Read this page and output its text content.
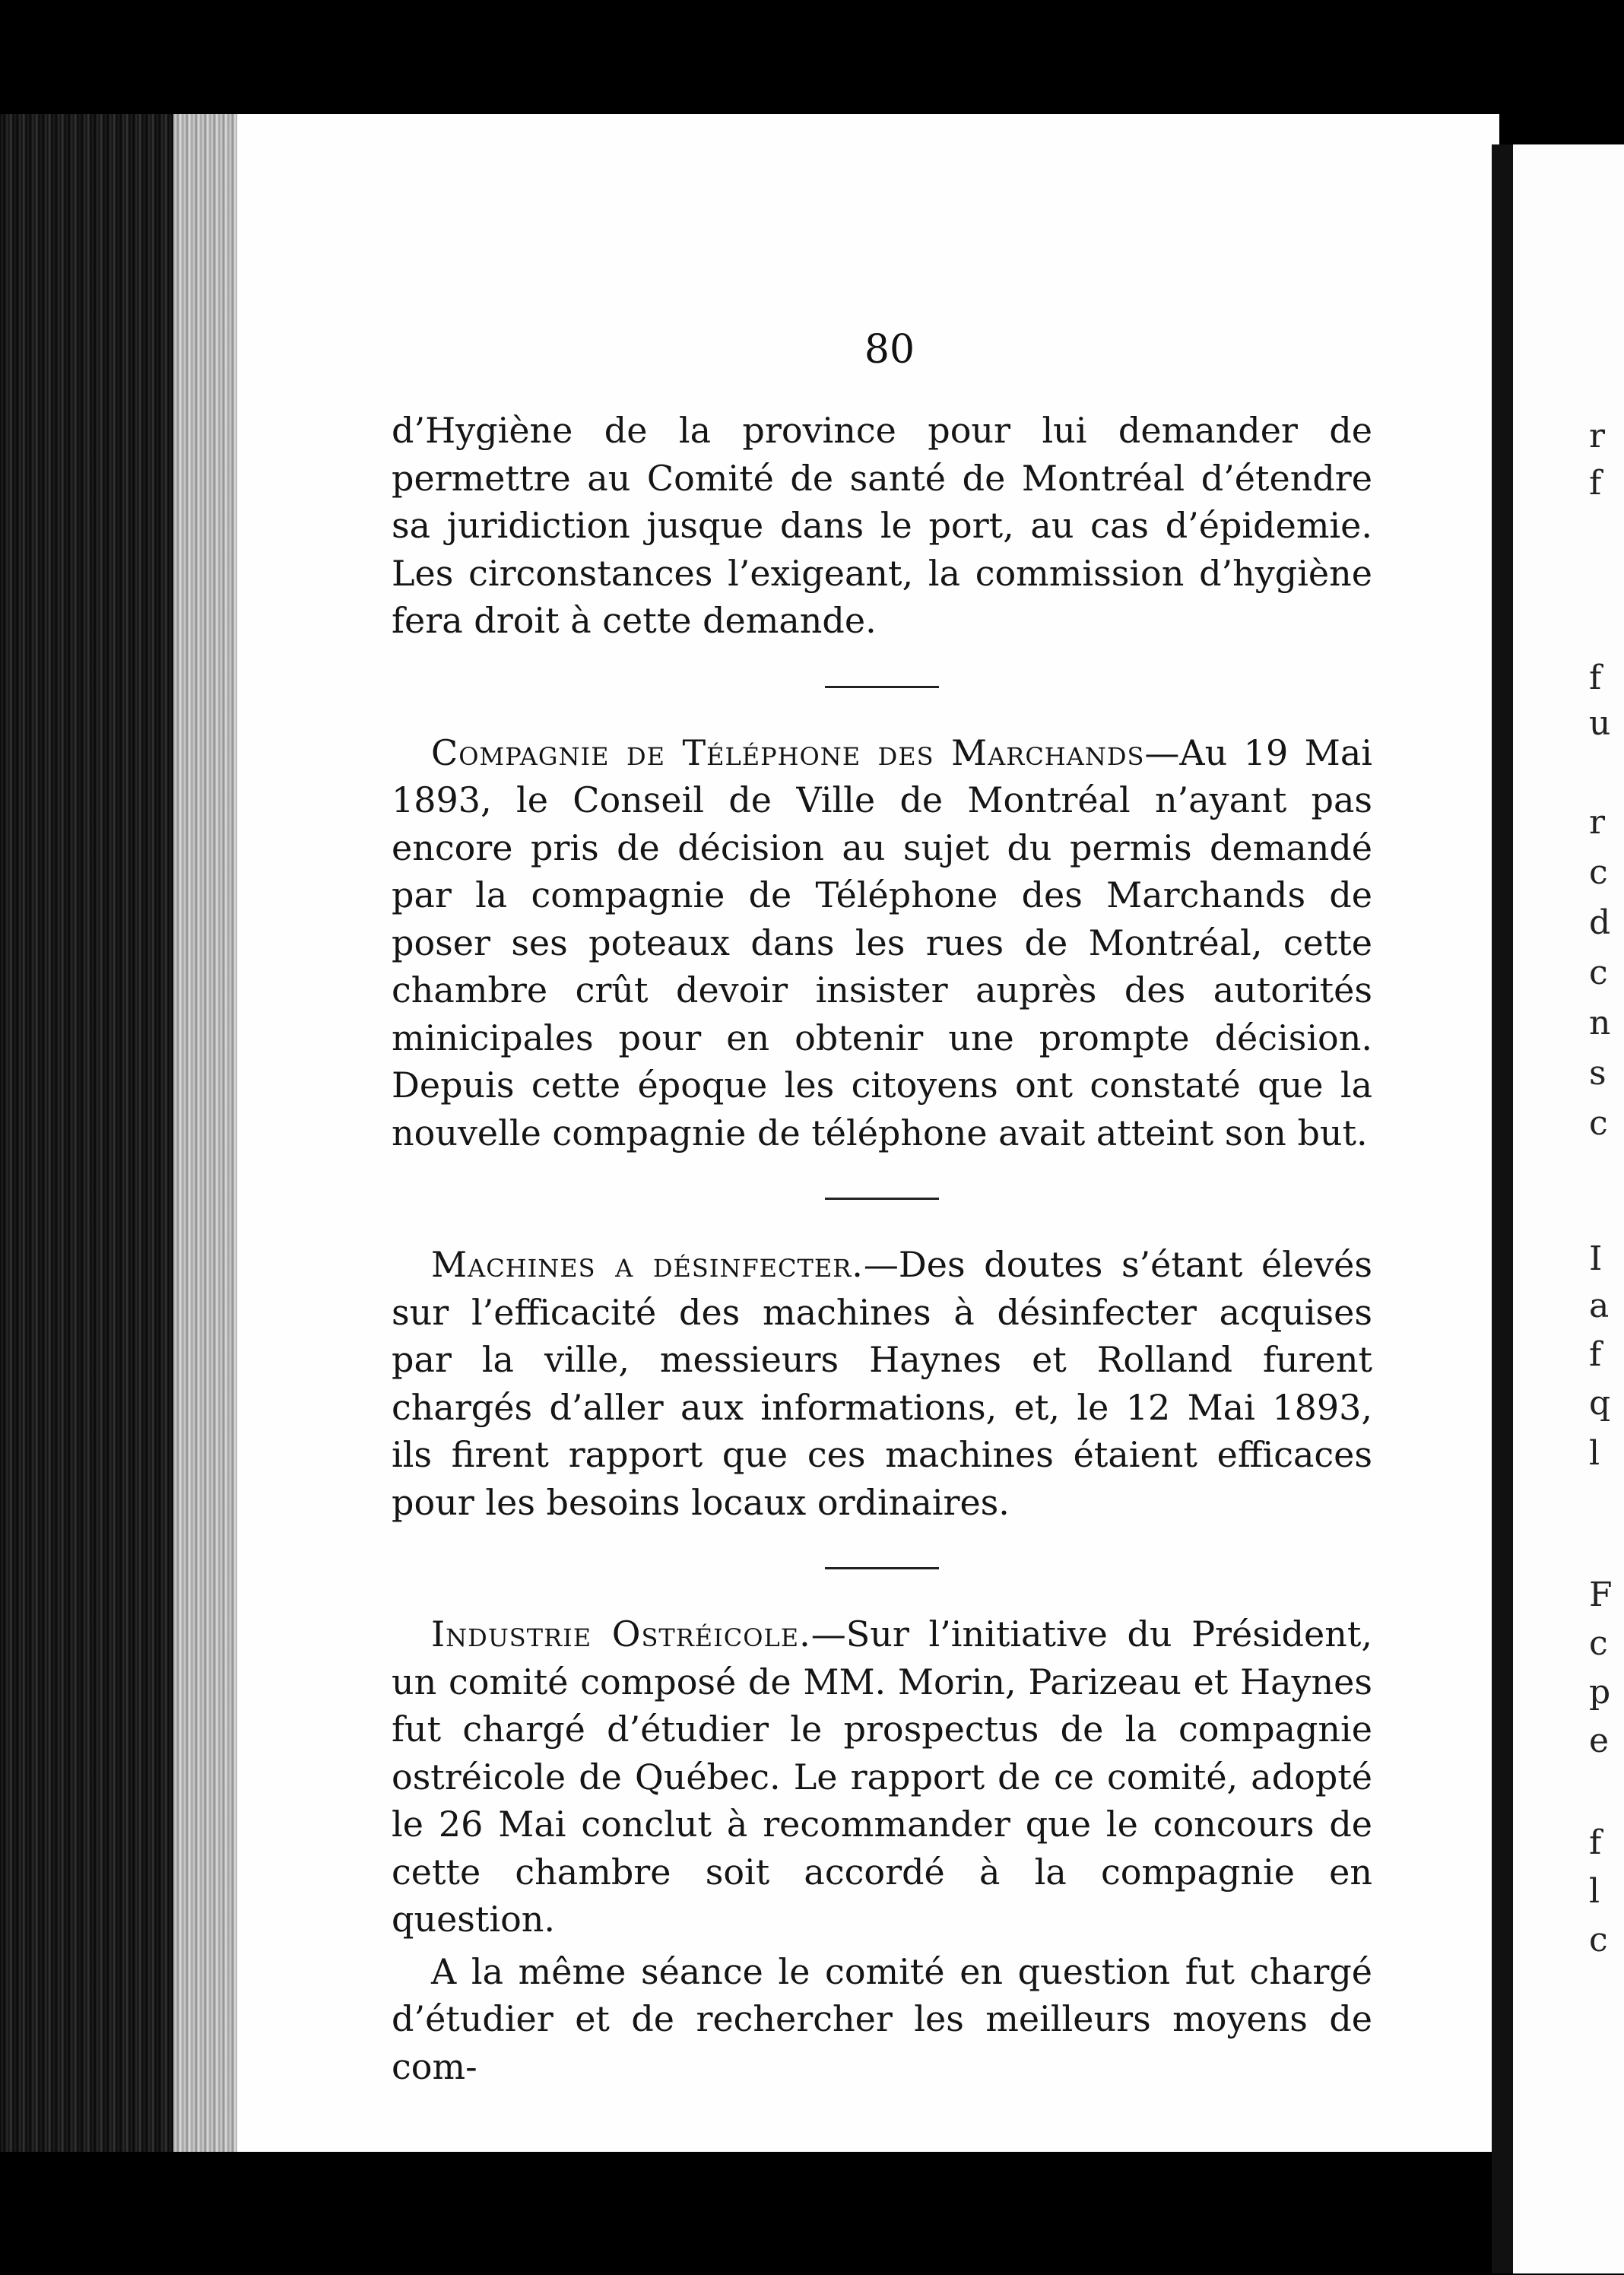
r
f
f
u
r
c
d
c
n
s
c
I
a
f
q
l
F
c
p
e
f
l
c
80

d’Hygiène de la province pour lui demander de permettre au Comité de santé de Montréal d’étendre sa juridiction jusque dans le port, au cas d’épidemie. Les circonstances l’exigeant, la commission d’hygiène fera droit à cette demande.

Compagnie de Téléphone des Marchands—Au 19 Mai 1893, le Conseil de Ville de Montréal n’ayant pas encore pris de décision au sujet du permis demandé par la compagnie de Téléphone des Marchands de poser ses poteaux dans les rues de Montréal, cette chambre crût devoir insister auprès des autorités minicipales pour en obtenir une prompte décision. Depuis cette époque les citoyens ont constaté que la nouvelle compagnie de téléphone avait atteint son but.

Machines a désinfecter.—Des doutes s’étant élevés sur l’efficacité des machines à désinfecter acquises par la ville, messieurs Haynes et Rolland furent chargés d’aller aux informations, et, le 12 Mai 1893, ils firent rapport que ces machines étaient efficaces pour les besoins locaux ordinaires.

Industrie Ostréicole.—Sur l’initiative du Président, un comité composé de MM. Morin, Parizeau et Haynes fut chargé d’étudier le prospectus de la compagnie ostréicole de Québec. Le rapport de ce comité, adopté le 26 Mai conclut à recommander que le concours de cette chambre soit accordé à la compagnie en question.

A la même séance le comité en question fut chargé d’étudier et de rechercher les meilleurs moyens de com-
